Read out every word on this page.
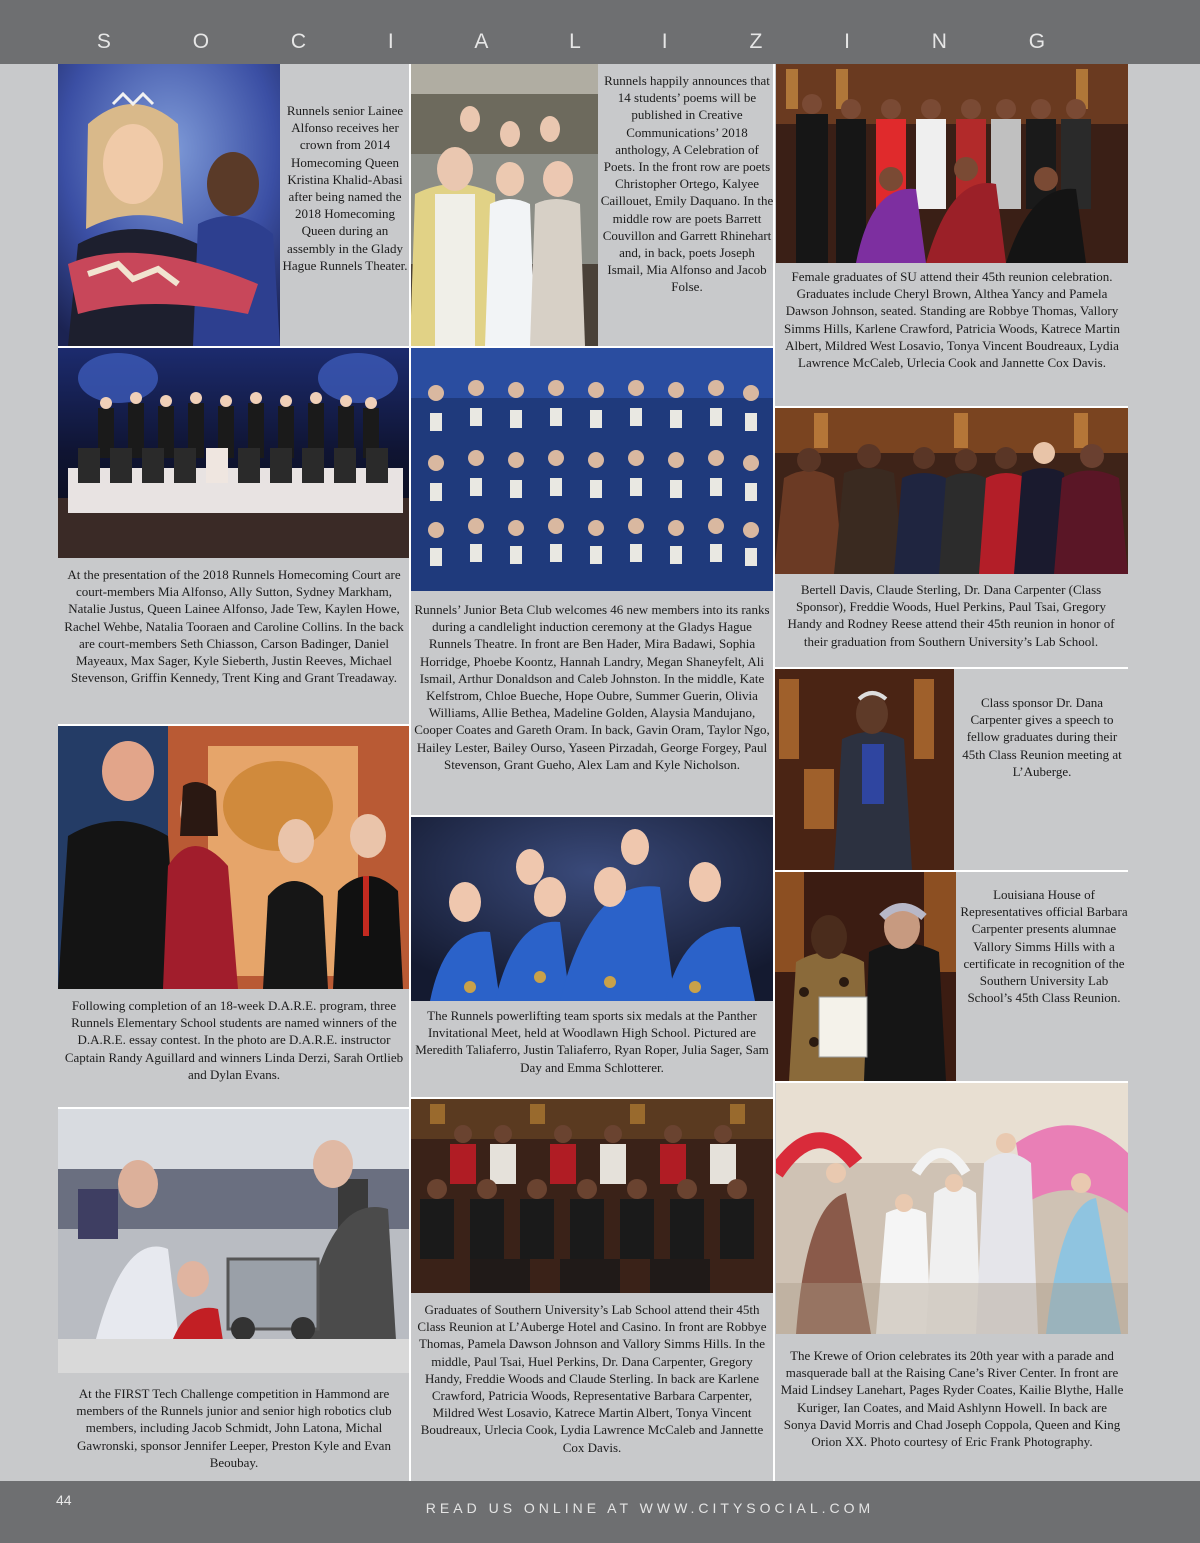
S O C I A L I Z I N G
Runnels senior Lainee Alfonso receives her crown from 2014 Homecoming Queen Kristina Khalid-Abasi after being named the 2018 Homecoming Queen during an assembly in the Glady Hague Runnels Theater.
At the presentation of the 2018 Runnels Homecoming Court are court-members Mia Alfonso, Ally Sutton, Sydney Markham, Natalie Justus, Queen Lainee Alfonso, Jade Tew, Kaylen Howe, Rachel Wehbe, Natalia Tooraen and Caroline Collins. In the back are court-members Seth Chiasson, Carson Badinger, Daniel Mayeaux, Max Sager, Kyle Sieberth, Justin Reeves, Michael Stevenson, Griffin Kennedy, Trent King and Grant Treadaway.
Following completion of an 18-week D.A.R.E. program, three Runnels Elementary School students are named winners of the D.A.R.E. essay contest. In the photo are D.A.R.E. instructor Captain Randy Aguillard and winners Linda Derzi, Sarah Ortlieb and Dylan Evans.
At the FIRST Tech Challenge competition in Hammond are members of the Runnels junior and senior high robotics club members, including Jacob Schmidt, John Latona, Michal Gawronski, sponsor Jennifer Leeper, Preston Kyle and Evan Beoubay.
Runnels happily announces that 14 students’ poems will be published in Creative Communications’ 2018 anthology, A Celebration of Poets. In the front row are poets Christopher Ortego, Kalyee Caillouet, Emily Daquano. In the middle row are poets Barrett Couvillon and Garrett Rhinehart and, in back, poets Joseph Ismail, Mia Alfonso and Jacob Folse.
Runnels’ Junior Beta Club welcomes 46 new members into its ranks during a candlelight induction ceremony at the Gladys Hague Runnels Theatre. In front are Ben Hader, Mira Badawi, Sophia Horridge, Phoebe Koontz, Hannah Landry, Megan Shaneyfelt, Ali Ismail, Arthur Donaldson and Caleb Johnston. In the middle, Kate Kelfstrom, Chloe Bueche, Hope Oubre, Summer Guerin, Olivia Williams, Allie Bethea, Madeline Golden, Alaysia Mandujano, Cooper Coates and Gareth Oram. In back, Gavin Oram, Taylor Ngo, Hailey Lester, Bailey Ourso, Yaseen Pirzadah, George Forgey, Paul Stevenson, Grant Gueho, Alex Lam and Kyle Nicholson.
The Runnels powerlifting team sports six medals at the Panther Invitational Meet, held at Woodlawn High School. Pictured are Meredith Taliaferro, Justin Taliaferro, Ryan Roper, Julia Sager, Sam Day and Emma Schlotterer.
Graduates of Southern University’s Lab School attend their 45th Class Reunion at L’Auberge Hotel and Casino. In front are Robbye Thomas, Pamela Dawson Johnson and Vallory Simms Hills. In the middle, Paul Tsai, Huel Perkins, Dr. Dana Carpenter, Gregory Handy, Freddie Woods and Claude Sterling. In back are Karlene Crawford, Patricia Woods, Representative Barbara Carpenter, Mildred West Losavio, Katrece Martin Albert, Tonya Vincent Boudreaux, Urlecia Cook, Lydia Lawrence McCaleb and Jannette Cox Davis.
Female graduates of SU attend their 45th reunion celebration. Graduates include Cheryl Brown, Althea Yancy and Pamela Dawson Johnson, seated. Standing are Robbye Thomas, Vallory Simms Hills, Karlene Crawford, Patricia Woods, Katrece Martin Albert, Mildred West Losavio, Tonya Vincent Boudreaux, Lydia Lawrence McCaleb, Urlecia Cook and Jannette Cox Davis.
Bertell Davis, Claude Sterling, Dr. Dana Carpenter (Class Sponsor), Freddie Woods, Huel Perkins, Paul Tsai, Gregory Handy and Rodney Reese attend their 45th reunion in honor of their graduation from Southern University’s Lab School.
Class sponsor Dr. Dana Carpenter gives a speech to fellow graduates during their 45th Class Reunion meeting at L’Auberge.
Louisiana House of Representatives official Barbara Carpenter presents alumnae Vallory Simms Hills with a certificate in recognition of the Southern University Lab School’s 45th Class Reunion.
The Krewe of Orion celebrates its 20th year with a parade and masquerade ball at the Raising Cane’s River Center. In front are Maid Lindsey Lanehart, Pages Ryder Coates, Kailie Blythe, Halle Kuriger, Ian Coates, and Maid Ashlynn Howell. In back are Sonya David Morris and Chad Joseph Coppola, Queen and King Orion XX. Photo courtesy of Eric Frank Photography.
44	READ US ONLINE AT WWW.CITYSOCIAL.COM
